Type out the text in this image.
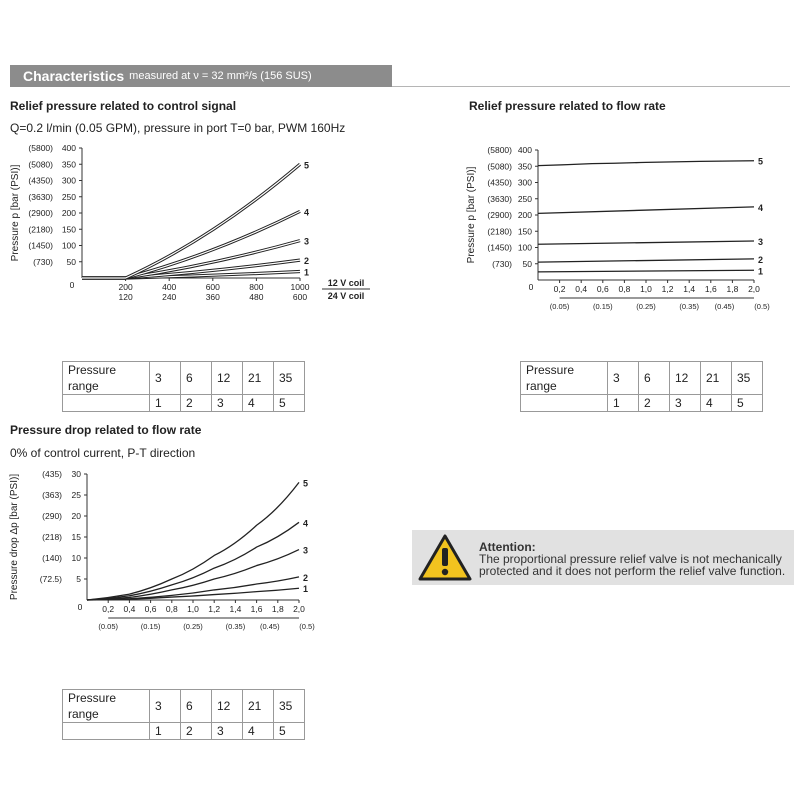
Characteristics measured at ν = 32 mm²/s (156 SUS)
Relief pressure related to control signal
Q=0.2 l/min (0.05 GPM), pressure in port T=0 bar, PWM 160Hz
Relief pressure related to flow rate
Pressure drop related to flow rate
0% of control current, P-T direction
50
(730)
100
(1450)
150
(2180)
200
(2900)
250
(3630)
300
(4350)
350
(5080)
400
(5800)
Pressure p [bar (PSI)]
0	200
120
400
240
600
360
800
480
1000
600
12 V coil
24 V coil
1
2
3
4
5
50
(730)
100
(1450)
150
(2180)
200
(2900)
250
(3630)
300
(4350)
350
(5080)
400
(5800)
Pressure p [bar (PSI)]
0 0,2 0,4 0,6 0,8 1,0 1,2 1,4 1,6 1,8 2,0
(0.05)	(0.15)	(0.25)	(0.35) (0.45)	(0.5)
1
2
3
4
5
5
(72.5)
10
(140)
15
(218)
20
(290)
25
(363)
30
(435)
Pressure drop Δp [bar (PSI)]
0 0,2 0,4 0,6 0,8 1,0 1,2 1,4 1,6 1,8 2,0
(0.05)	(0.15)	(0.25)	(0.35) (0.45)	(0.5)
1
2
3
4
5
Pressure range	3	6	12	21	35
	1	2	3	4	5
Pressure range	3	6	12	21	35
	1	2	3	4	5
Pressure range	3	6	12	21	35
	1	2	3	4	5
Attention:
The proportional pressure relief valve is not mechanically protected and it does not perform the relief valve function.
